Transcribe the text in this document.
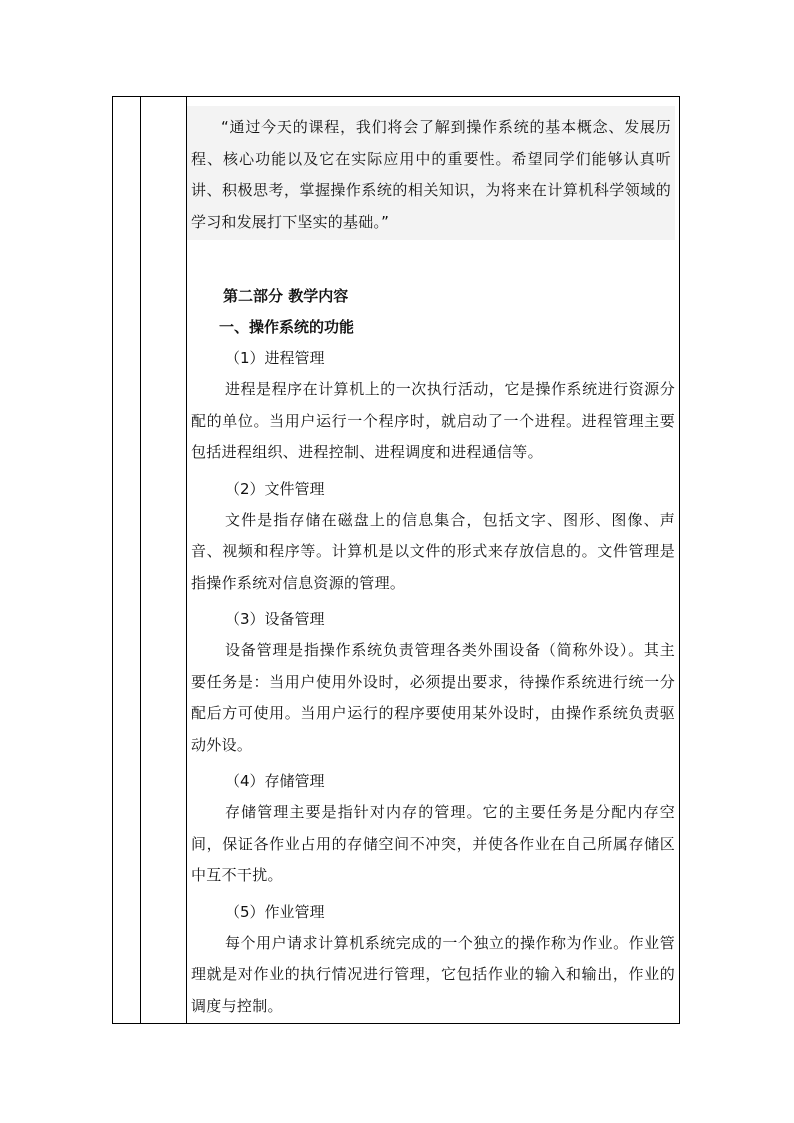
“通过今天的课程，我们将会了解到操作系统的基本概念、发展历程、核心功能以及它在实际应用中的重要性。希望同学们能够认真听讲、积极思考，掌握操作系统的相关知识，为将来在计算机科学领域的学习和发展打下坚实的基础。”

第二部分 教学内容
一、操作系统的功能
（1）进程管理

进程是程序在计算机上的一次执行活动，它是操作系统进行资源分配的单位。当用户运行一个程序时，就启动了一个进程。进程管理主要包括进程组织、进程控制、进程调度和进程通信等。

（2）文件管理

文件是指存储在磁盘上的信息集合，包括文字、图形、图像、声音、视频和程序等。计算机是以文件的形式来存放信息的。文件管理是指操作系统对信息资源的管理。

（3）设备管理

设备管理是指操作系统负责管理各类外围设备（简称外设）。其主要任务是：当用户使用外设时，必须提出要求，待操作系统进行统一分配后方可使用。当用户运行的程序要使用某外设时，由操作系统负责驱动外设。

（4）存储管理

存储管理主要是指针对内存的管理。它的主要任务是分配内存空间，保证各作业占用的存储空间不冲突，并使各作业在自己所属存储区中互不干扰。

（5）作业管理

每个用户请求计算机系统完成的一个独立的操作称为作业。作业管理就是对作业的执行情况进行管理，它包括作业的输入和输出，作业的调度与控制。
